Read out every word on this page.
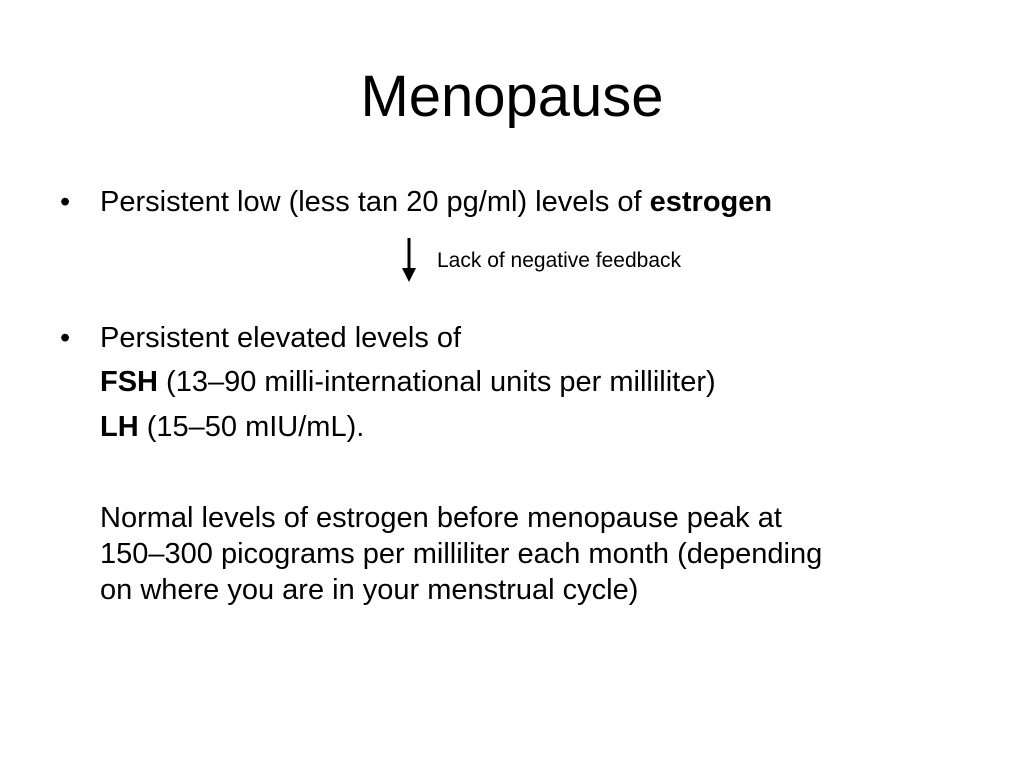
Menopause
• Persistent low (less tan 20 pg/ml) levels of estrogen
Lack of negative feedback
• Persistent elevated levels of
FSH (13–90 milli-international units per milliliter)
LH (15–50 mIU/mL).
Normal levels of estrogen before menopause peak at
150–300 picograms per milliliter each month (depending
on where you are in your menstrual cycle)
